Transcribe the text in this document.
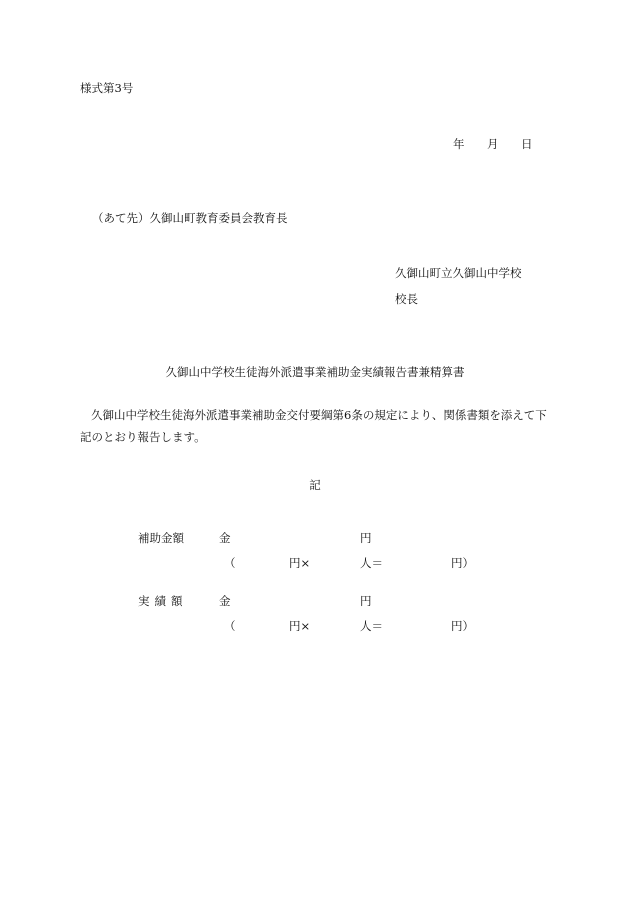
様式第3号
年 月 日
（あて先）久御山町教育委員会教育長
久御山町立久御山中学校
校長
久御山中学校生徒海外派遣事業補助金実績報告書兼精算書
久御山中学校生徒海外派遣事業補助金交付要綱第6条の規定により、関係書類を添えて下記のとおり報告します。
記
補助金額	金	円
（	円×	人＝	円）
実績額	金	円
（	円×	人＝	円）
